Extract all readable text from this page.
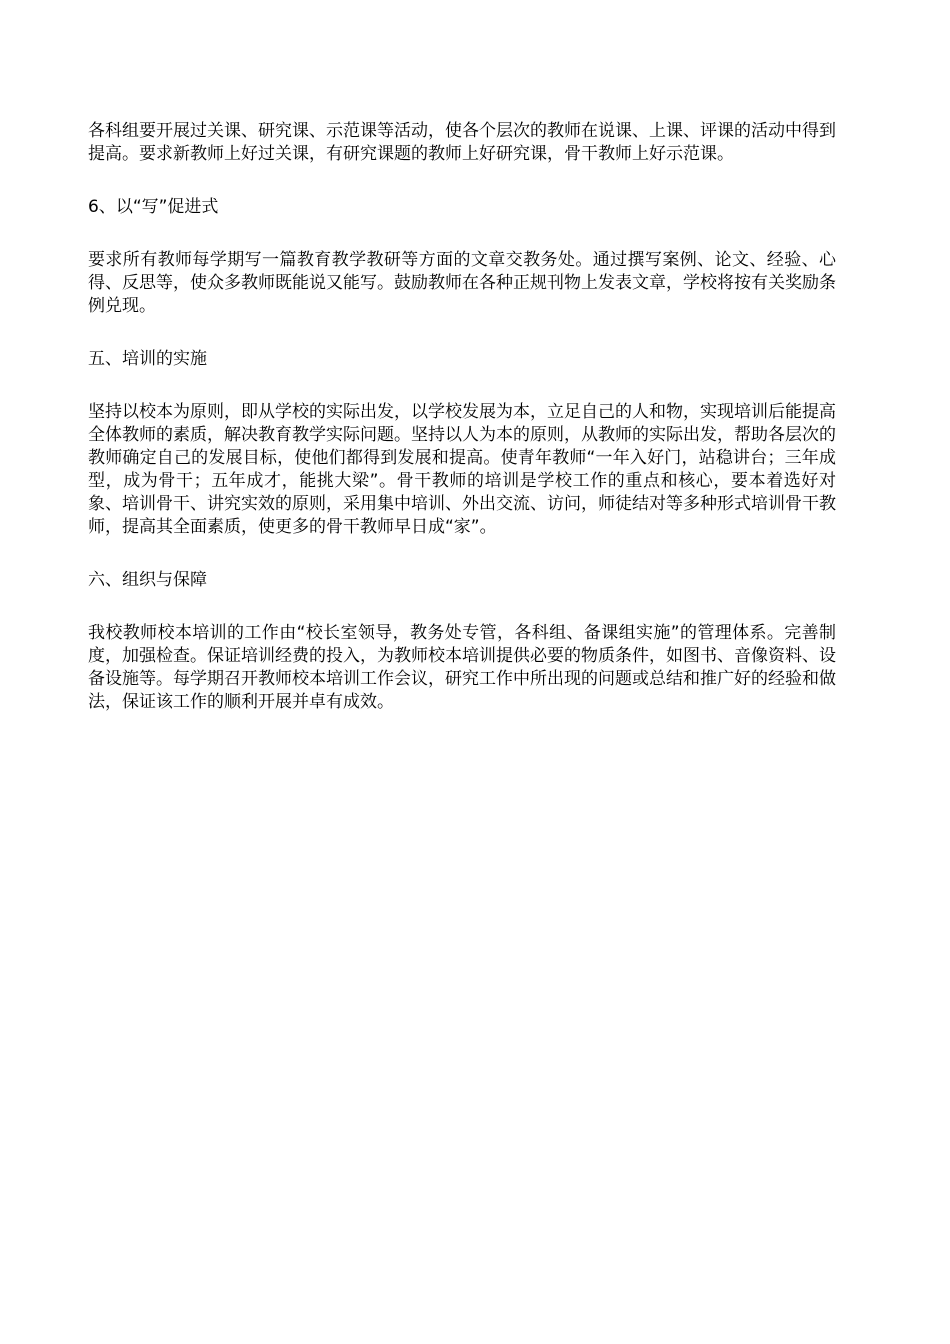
各科组要开展过关课、研究课、示范课等活动，使各个层次的教师在说课、上课、评课的活动中得到提高。要求新教师上好过关课，有研究课题的教师上好研究课，骨干教师上好示范课。

6、以“写”促进式

要求所有教师每学期写一篇教育教学教研等方面的文章交教务处。通过撰写案例、论文、经验、心得、反思等，使众多教师既能说又能写。鼓励教师在各种正规刊物上发表文章，学校将按有关奖励条例兑现。

五、培训的实施

坚持以校本为原则，即从学校的实际出发，以学校发展为本，立足自己的人和物，实现培训后能提高全体教师的素质，解决教育教学实际问题。坚持以人为本的原则，从教师的实际出发，帮助各层次的教师确定自己的发展目标，使他们都得到发展和提高。使青年教师“一年入好门，站稳讲台；三年成型，成为骨干；五年成才，能挑大梁”。骨干教师的培训是学校工作的重点和核心，要本着选好对象、培训骨干、讲究实效的原则，采用集中培训、外出交流、访问，师徒结对等多种形式培训骨干教师，提高其全面素质，使更多的骨干教师早日成“家”。

六、组织与保障

我校教师校本培训的工作由“校长室领导，教务处专管，各科组、备课组实施”的管理体系。完善制度，加强检查。保证培训经费的投入，为教师校本培训提供必要的物质条件，如图书、音像资料、设备设施等。每学期召开教师校本培训工作会议，研究工作中所出现的问题或总结和推广好的经验和做法，保证该工作的顺利开展并卓有成效。
